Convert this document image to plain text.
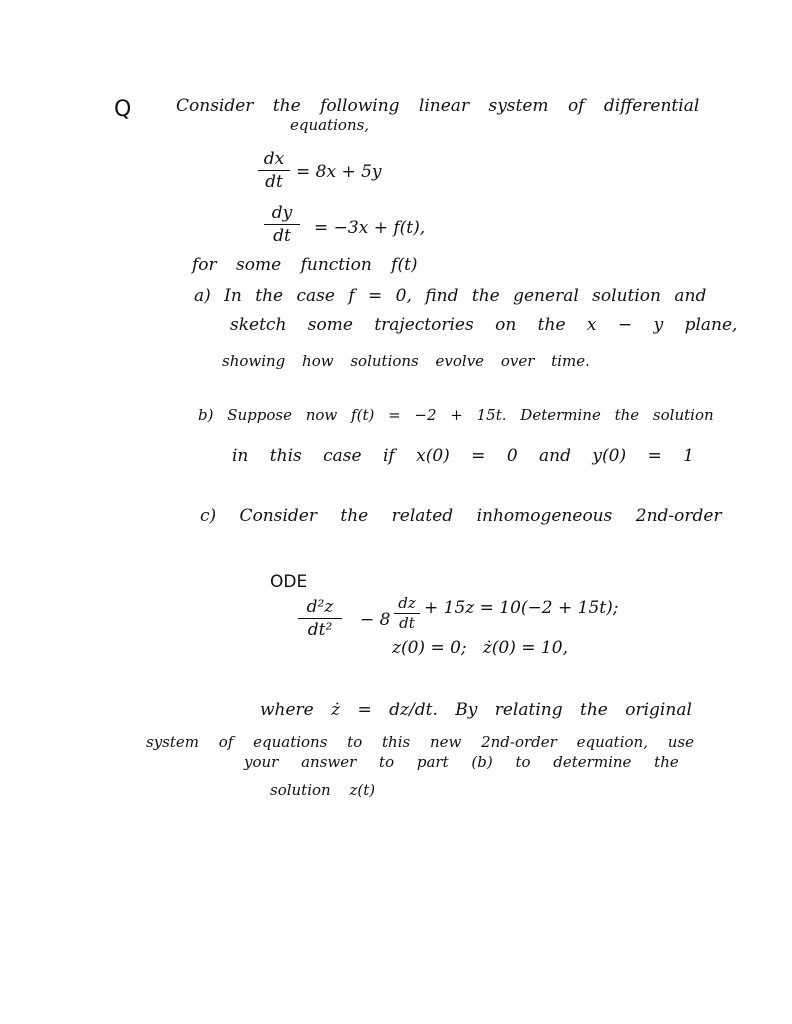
Q	Consider the following linear system of differential
equations,
dx
dt = 8x + 5y
dy
dt	= −3x + f(t),
for some function f(t)
a) In the case f = 0, find the general solution and
sketch some trajectories on the x − y plane,
showing how solutions evolve over time.
b) Suppose now f(t) = −2 + 15t. Determine the solution
in this case if x(0) = 0 and y(0) = 1
c) Consider the related inhomogeneous 2nd-order
ODE
d²z
dt²	− 8
dz
dt
+ 15z = 10(−2 + 15t);
z(0) = 0;   ż(0) = 10,
where ż = dz/dt. By relating the original
system of equations to this new 2nd-order equation, use
your answer to part (b) to determine the
solution z(t)
